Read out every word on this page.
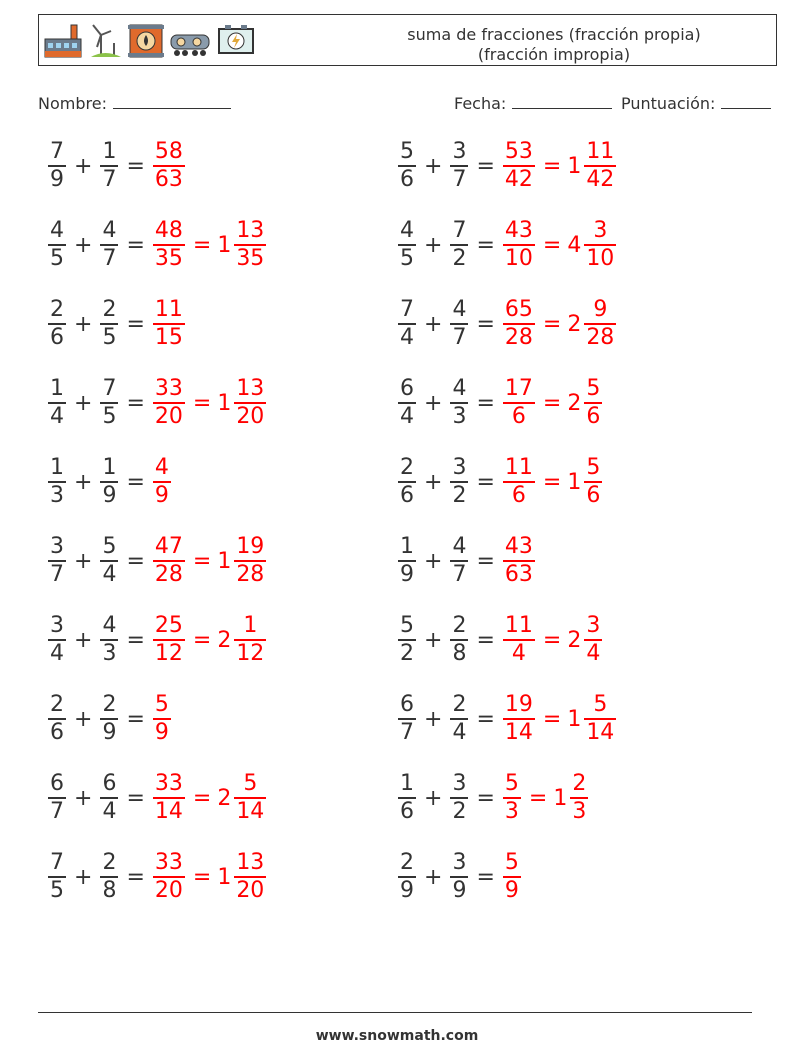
suma de fracciones (fracción propia)
(fracción impropia)
Nombre:	Fecha:	Puntuación:
$\frac{7}{9} + \frac{1}{7} = \frac{58}{63}$
$\frac{4}{5} + \frac{4}{7} = \frac{48}{35} = 1 \frac{13}{35}$
$\frac{2}{6} + \frac{2}{5} = \frac{11}{15}$
$\frac{1}{4} + \frac{7}{5} = \frac{33}{20} = 1 \frac{13}{20}$
$\frac{1}{3} + \frac{1}{9} = \frac{4}{9}$
$\frac{3}{7} + \frac{5}{4} = \frac{47}{28} = 1 \frac{19}{28}$
$\frac{3}{4} + \frac{4}{3} = \frac{25}{12} = 2 \frac{1}{12}$
$\frac{2}{6} + \frac{2}{9} = \frac{5}{9}$
$\frac{6}{7} + \frac{6}{4} = \frac{33}{14} = 2 \frac{5}{14}$
$\frac{7}{5} + \frac{2}{8} = \frac{33}{20} = 1 \frac{13}{20}$
$\frac{5}{6} + \frac{3}{7} = \frac{53}{42} = 1 \frac{11}{42}$
$\frac{4}{5} + \frac{7}{2} = \frac{43}{10} = 4 \frac{3}{10}$
$\frac{7}{4} + \frac{4}{7} = \frac{65}{28} = 2 \frac{9}{28}$
$\frac{6}{4} + \frac{4}{3} = \frac{17}{6} = 2 \frac{5}{6}$
$\frac{2}{6} + \frac{3}{2} = \frac{11}{6} = 1 \frac{5}{6}$
$\frac{1}{9} + \frac{4}{7} = \frac{43}{63}$
$\frac{5}{2} + \frac{2}{8} = \frac{11}{4} = 2 \frac{3}{4}$
$\frac{6}{7} + \frac{2}{4} = \frac{19}{14} = 1 \frac{5}{14}$
$\frac{1}{6} + \frac{3}{2} = \frac{5}{3} = 1 \frac{2}{3}$
$\frac{2}{9} + \frac{3}{9} = \frac{5}{9}$
www.snowmath.com
